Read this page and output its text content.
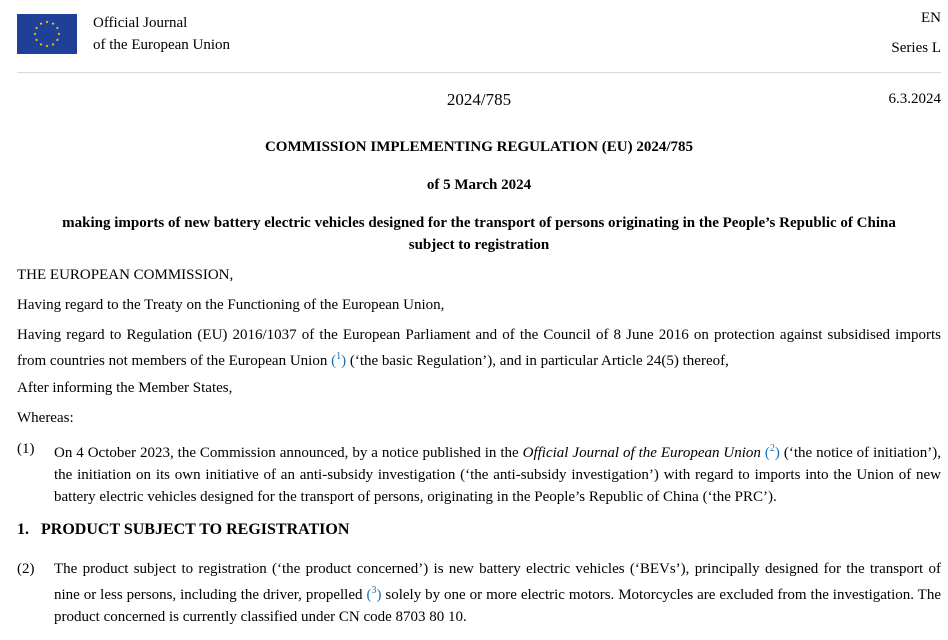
Official Journal
of the European Union
EN
Series L
2024/785	6.3.2024
COMMISSION IMPLEMENTING REGULATION (EU) 2024/785
of 5 March 2024
making imports of new battery electric vehicles designed for the transport of persons originating in the People’s Republic of China
subject to registration
THE EUROPEAN COMMISSION,
Having regard to the Treaty on the Functioning of the European Union,
Having regard to Regulation (EU) 2016/1037 of the European Parliament and of the Council of 8 June 2016 on protection against subsidised imports from countries not members of the European Union ($^1$) (‘the basic Regulation’), and in particular Article 24(5) thereof,
After informing the Member States,
Whereas:
(1) On 4 October 2023, the Commission announced, by a notice published in the Official Journal of the European Union ($^2$) (‘the notice of initiation’), the initiation on its own initiative of an anti-subsidy investigation (‘the anti-subsidy investigation’) with regard to imports into the Union of new battery electric vehicles designed for the transport of persons, originating in the People’s Republic of China (‘the PRC’).
1. PRODUCT SUBJECT TO REGISTRATION
(2) The product subject to registration (‘the product concerned’) is new battery electric vehicles (‘BEVs’), principally designed for the transport of nine or less persons, including the driver, propelled ($^3$) solely by one or more electric motors. Motorcycles are excluded from the investigation. The product concerned is currently classified under CN code 8703 80 10.
